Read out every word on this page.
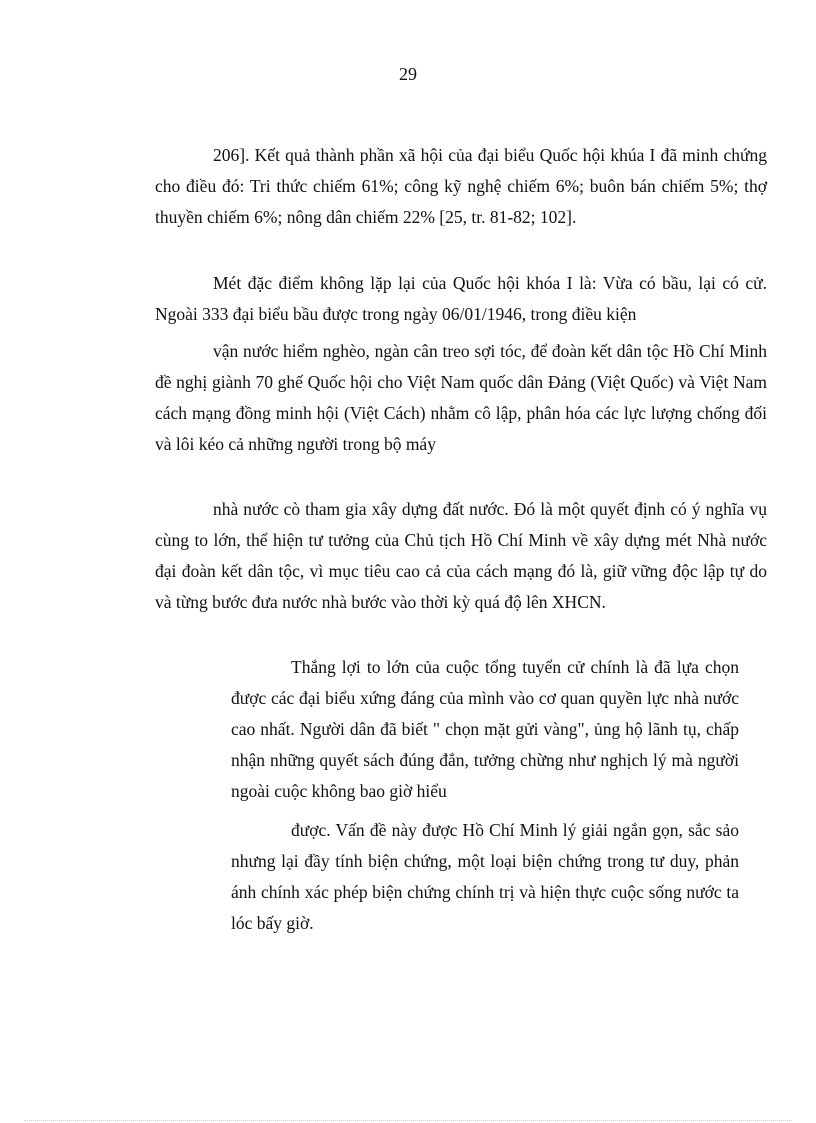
29

206]. Kết quả thành phần xã hội của đại biểu Quốc hội khúa I đã minh chứng cho điều đó: Tri thức chiếm 61%; công kỹ nghệ chiếm 6%; buôn bán chiếm 5%; thợ thuyền chiếm 6%; nông dân chiếm 22% [25, tr. 81-82; 102].

Mét đặc điểm không lặp lại của Quốc hội khóa I là: Vừa có bầu, lại có cử. Ngoài 333 đại biểu bầu được trong ngày 06/01/1946, trong điều kiện

vận nước hiểm nghèo, ngàn cân treo sợi tóc, để đoàn kết dân tộc Hồ Chí Minh đề nghị giành 70 ghế Quốc hội cho Việt Nam quốc dân Đảng (Việt Quốc) và Việt Nam cách mạng đồng minh hội (Việt Cách) nhằm cô lập, phân hóa các lực lượng chống đối và lôi kéo cả những người trong bộ máy

nhà nước cò tham gia xây dựng đất nước. Đó là một quyết định có ý nghĩa vụ cùng to lớn, thể hiện tư tưởng của Chủ tịch Hồ Chí Minh về xây dựng mét Nhà nước đại đoàn kết dân tộc, vì mục tiêu cao cả của cách mạng đó là, giữ vững độc lập tự do và từng bước đưa nước nhà bước vào thời kỳ quá độ lên XHCN.

Thắng lợi to lớn của cuộc tổng tuyển cử chính là đã lựa chọn được các đại biểu xứng đáng của mình vào cơ quan quyền lực nhà nước cao nhất. Người dân đã biết " chọn mặt gửi vàng", ủng hộ lãnh tụ, chấp nhận những quyết sách đúng đắn, tưởng chừng như nghịch lý mà người ngoài cuộc không bao giờ hiểu

được. Vấn đề này được Hồ Chí Minh lý giải ngắn gọn, sắc sảo nhưng lại đầy tính biện chứng, một loại biện chứng trong tư duy, phản ánh chính xác phép biện chứng chính trị và hiện thực cuộc sống nước ta lóc bấy giờ.
